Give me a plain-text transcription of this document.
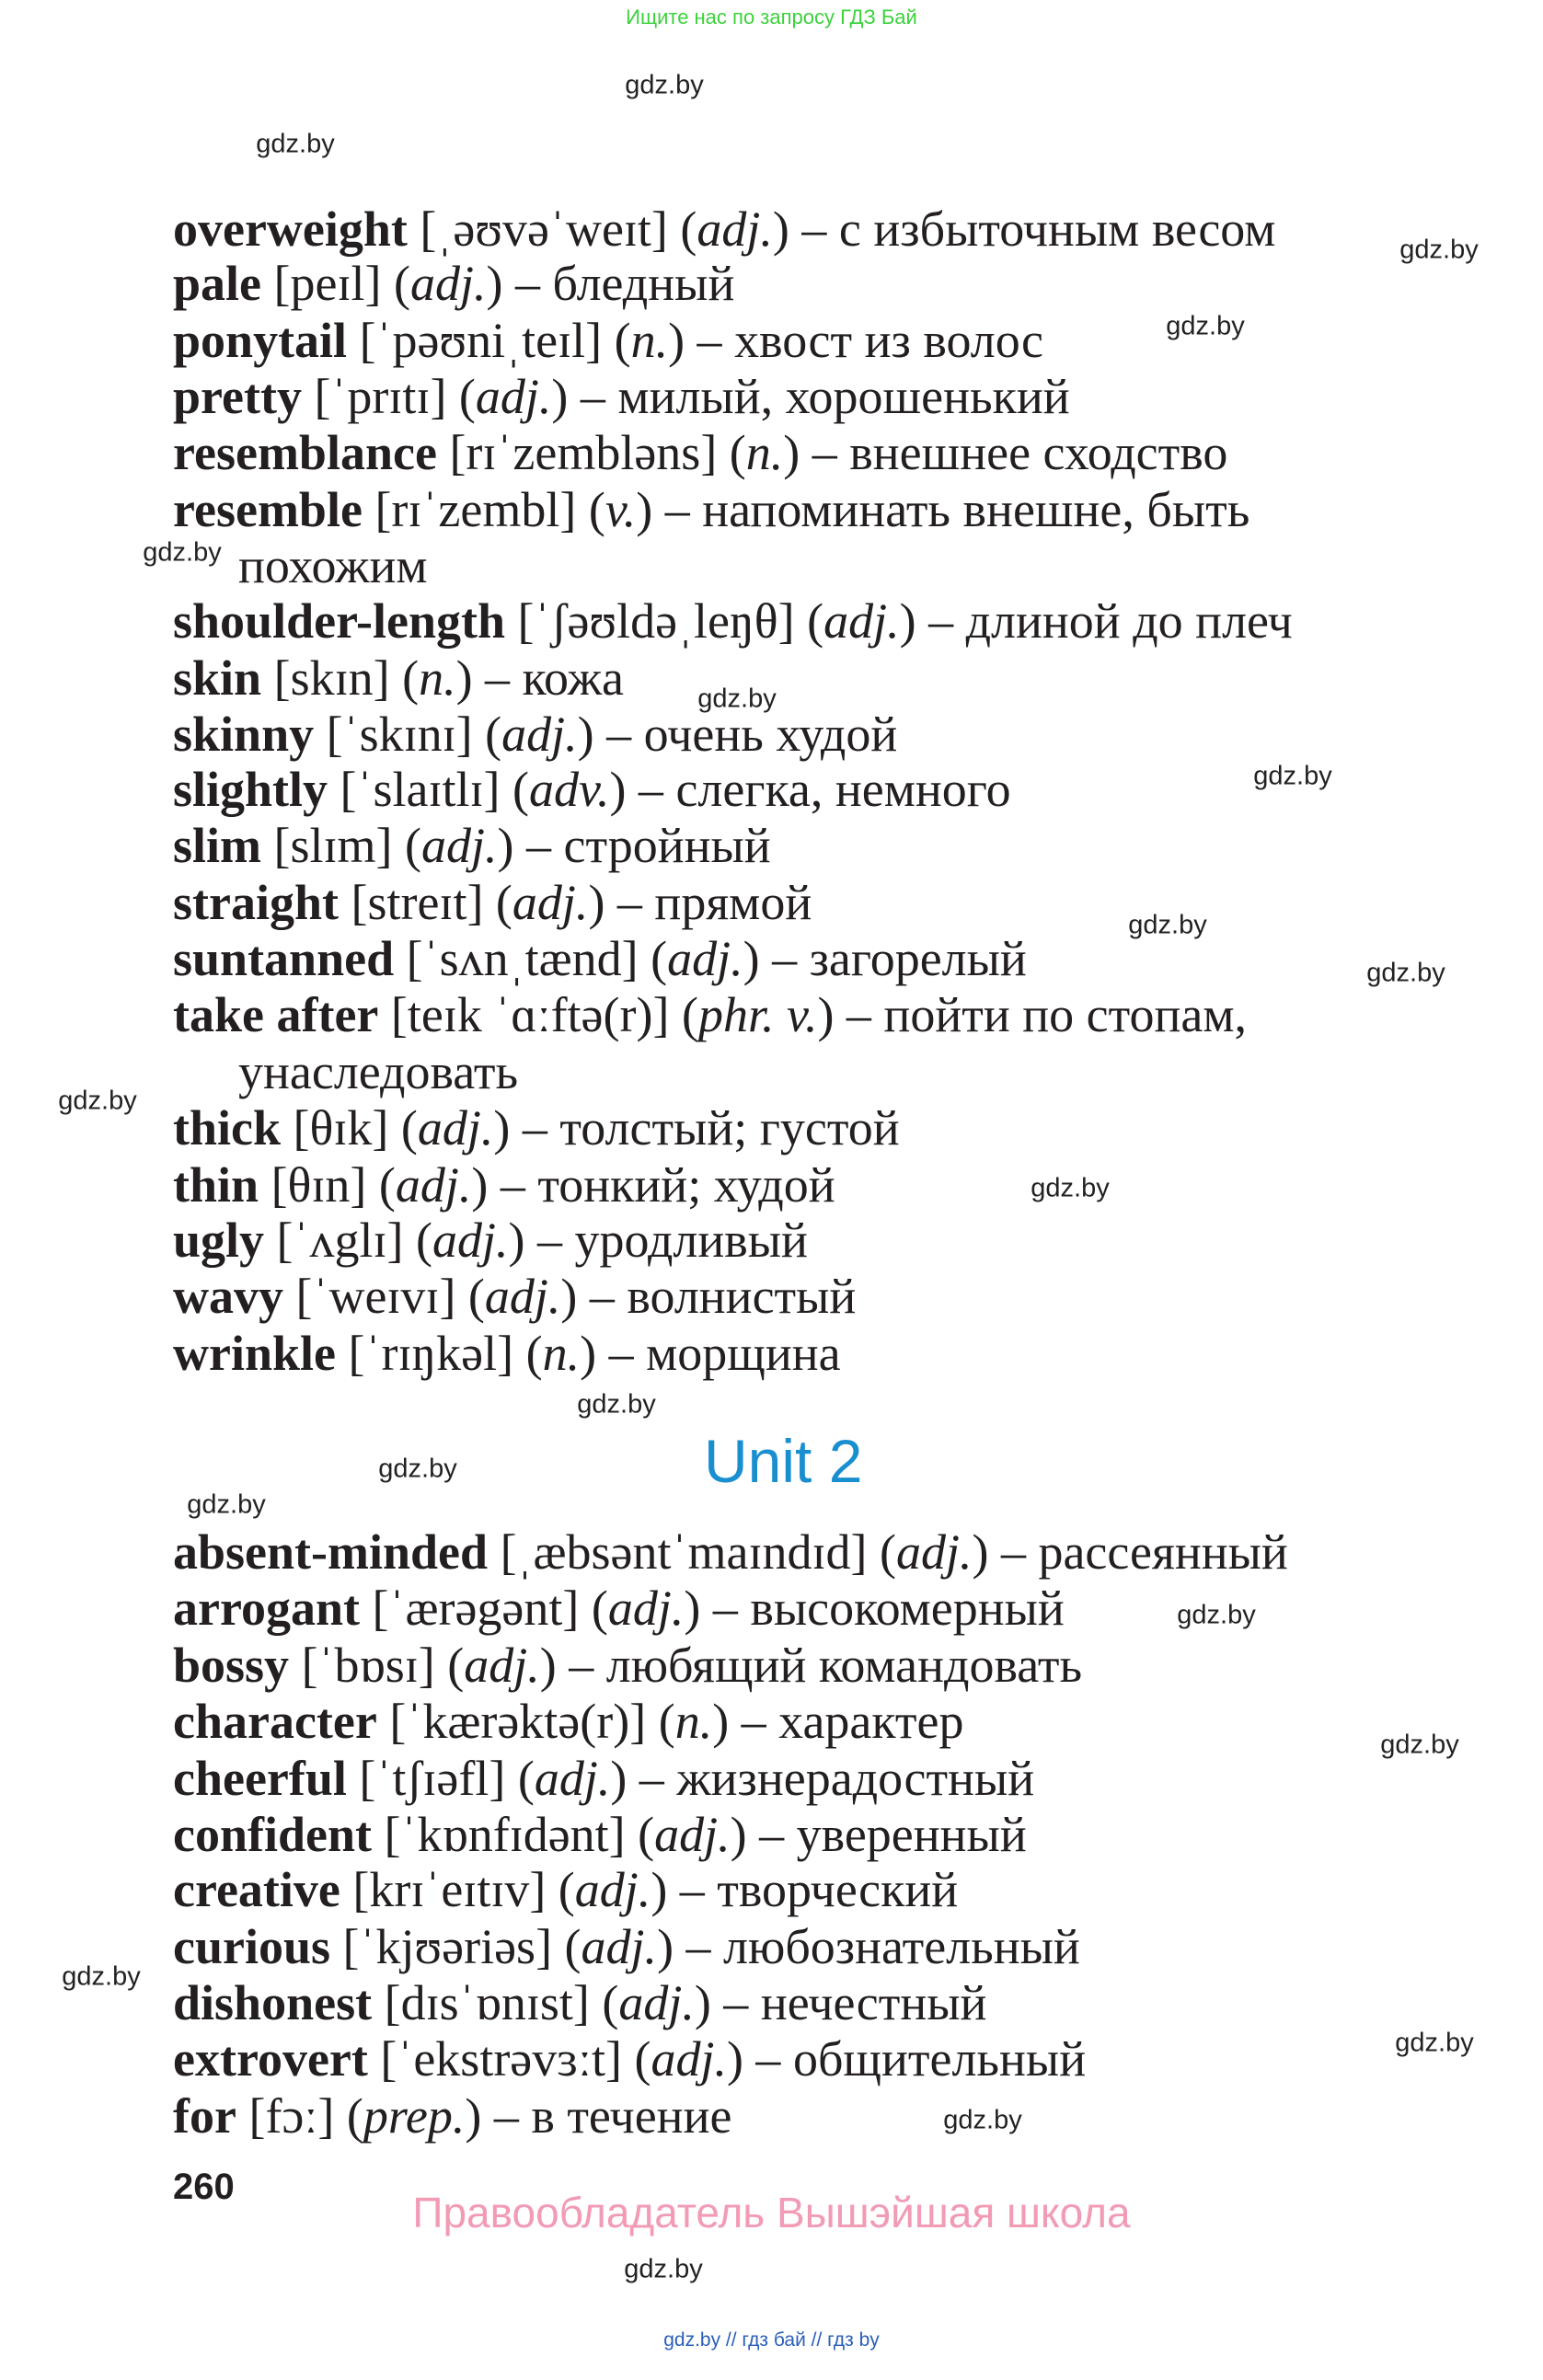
Ищите нас по запросу ГДЗ Бай
overweight [ˌəʊvəˈweɪt] (adj.) – с избыточным весом
pale [peɪl] (adj.) – бледный
ponytail [ˈpəʊniˌteɪl] (n.) – хвост из волос
pretty [ˈprɪtɪ] (adj.) – милый, хорошенький
resemblance [rɪˈzembləns] (n.) – внешнее сходство
resemble [rɪˈzembl] (v.) – напоминать внешне, быть
похожим
shoulder-length [ˈʃəʊldəˌleŋθ] (adj.) – длиной до плеч
skin [skɪn] (n.) – кожа
skinny [ˈskɪnɪ] (adj.) – очень худой
slightly [ˈslaɪtlɪ] (adv.) – слегка, немного
slim [slɪm] (adj.) – стройный
straight [streɪt] (adj.) – прямой
suntanned [ˈsʌnˌtænd] (adj.) – загорелый
take after [teɪk ˈɑːftə(r)] (phr. v.) – пойти по стопам,
унаследовать
thick [θɪk] (adj.) – толстый; густой
thin [θɪn] (adj.) – тонкий; худой
ugly [ˈʌglɪ] (adj.) – уродливый
wavy [ˈweɪvɪ] (adj.) – волнистый
wrinkle [ˈrɪŋkəl] (n.) – морщина
absent-minded [ˌæbsəntˈmaɪndɪd] (adj.) – рассеянный
arrogant [ˈærəgənt] (adj.) – высокомерный
bossy [ˈbɒsɪ] (adj.) – любящий командовать
character [ˈkærəktə(r)] (n.) – характер
cheerful [ˈtʃɪəfl] (adj.) – жизнерадостный
confident [ˈkɒnfɪdənt] (adj.) – уверенный
creative [krɪˈeɪtɪv] (adj.) – творческий
curious [ˈkjʊəriəs] (adj.) – любознательный
dishonest [dɪsˈɒnɪst] (adj.) – нечестный
extrovert [ˈekstrəvɜːt] (adj.) – общительный
for [fɔː] (prep.) – в течение
Unit 2
gdz.by
gdz.by
gdz.by
gdz.by
gdz.by
gdz.by
gdz.by
gdz.by
gdz.by
gdz.by
gdz.by
gdz.by
gdz.by
gdz.by
gdz.by
gdz.by
gdz.by
gdz.by
gdz.by
gdz.by
260
Правообладатель Вышэйшая школа
gdz.by // гдз бай // гдз by
